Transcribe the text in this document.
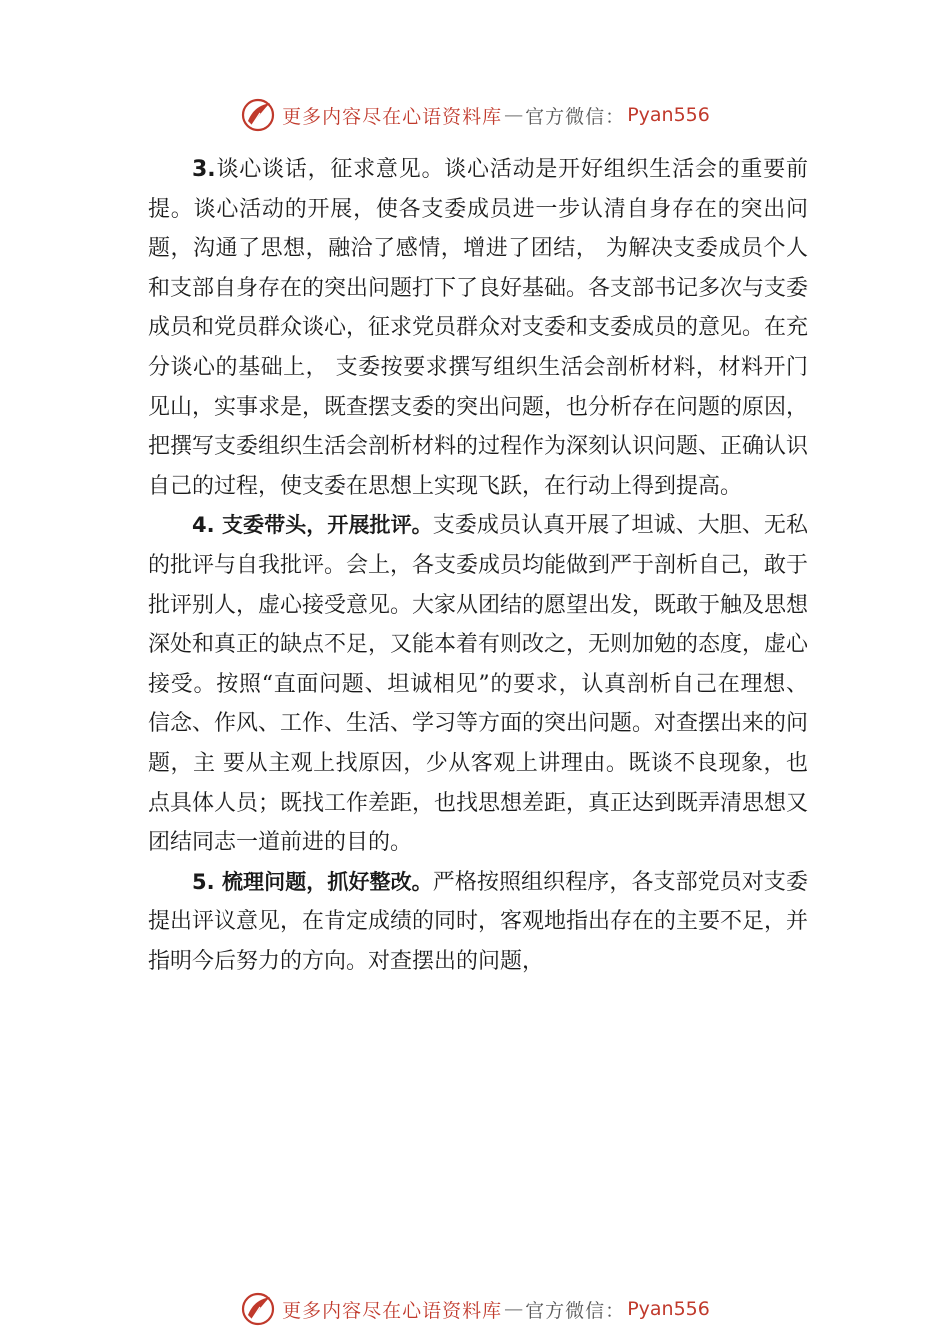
更多内容尽在心语资料库 — 官方微信： Pyan556

3.谈心谈话，征求意见。谈心活动是开好组织生活会的重要前提。谈心活动的开展，使各支委成员进一步认清自身存在的突出问题，沟通了思想，融洽了感情，增进了团结， 为解决支委成员个人和支部自身存在的突出问题打下了良好基础。各支部书记多次与支委成员和党员群众谈心，征求党员群众对支委和支委成员的意见。在充分谈心的基础上， 支委按要求撰写组织生活会剖析材料，材料开门见山，实事求是，既查摆支委的突出问题，也分析存在问题的原因，把撰写支委组织生活会剖析材料的过程作为深刻认识问题、正确认识自己的过程，使支委在思想上实现飞跃，在行动上得到提高。

4. 支委带头，开展批评。支委成员认真开展了坦诚、大胆、无私的批评与自我批评。会上，各支委成员均能做到严于剖析自己，敢于批评别人，虚心接受意见。大家从团结的愿望出发，既敢于触及思想深处和真正的缺点不足，又能本着有则改之，无则加勉的态度，虚心接受。按照“直面问题、坦诚相见”的要求，认真剖析自己在理想、信念、作风、工作、生活、学习等方面的突出问题。对查摆出来的问题，主 要从主观上找原因，少从客观上讲理由。既谈不良现象，也 点具体人员；既找工作差距，也找思想差距，真正达到既弄清思想又团结同志一道前进的目的。

5. 梳理问题，抓好整改。严格按照组织程序，各支部党员对支委提出评议意见，在肯定成绩的同时，客观地指出存在的主要不足，并指明今后努力的方向。对查摆出的问题，

更多内容尽在心语资料库 — 官方微信： Pyan556
